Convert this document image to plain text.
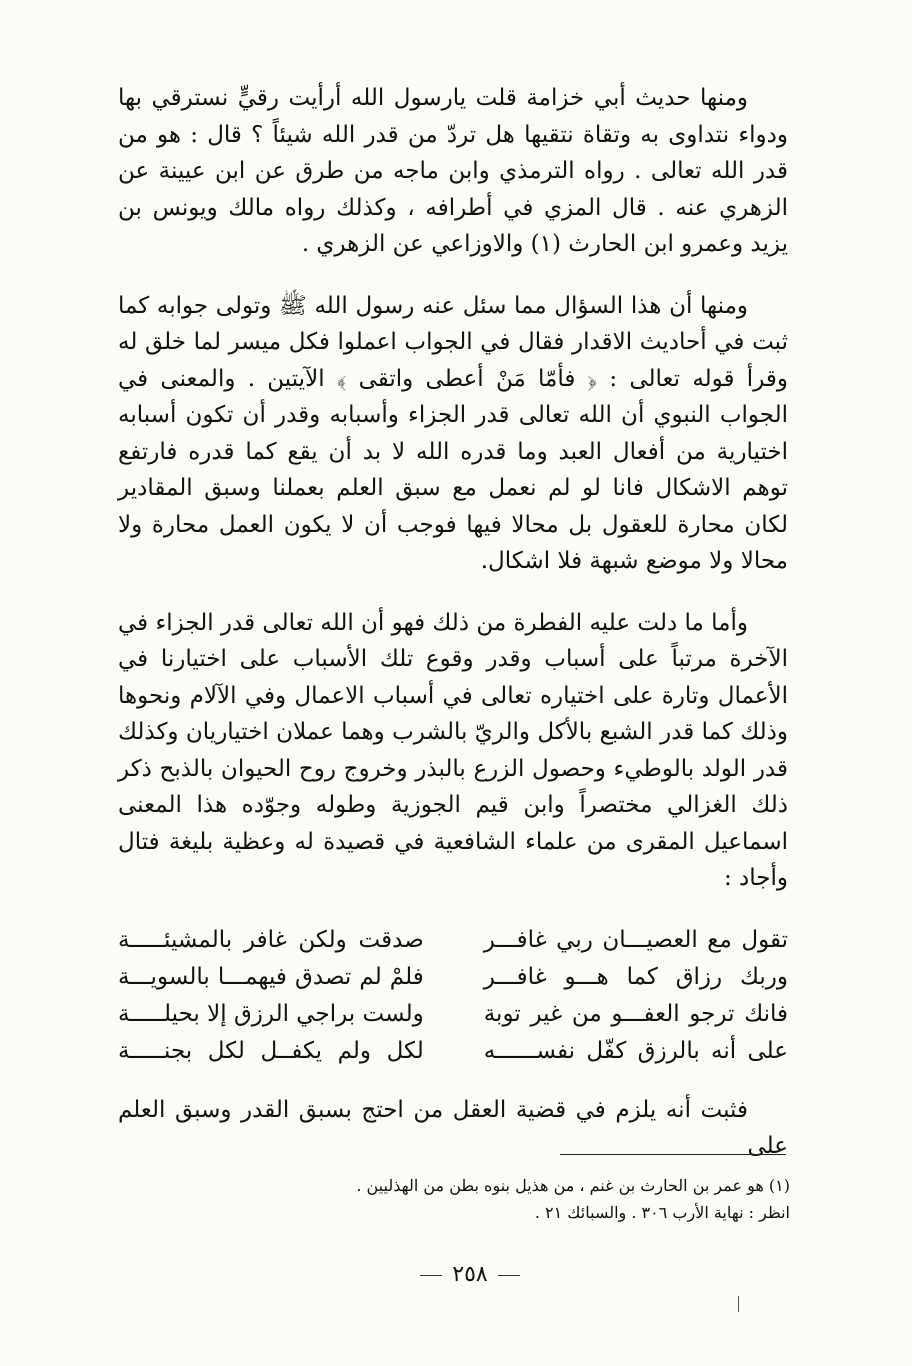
ومنها حديث أبي خزامة قلت يارسول الله أرأيت رقيٍّ نسترقي بها ودواء نتداوى به وتقاة نتقيها هل تردّ من قدر الله شيئاً ؟ قال : هو من قدر الله تعالى . رواه الترمذي وابن ماجه من طرق عن ابن عيينة عن الزهري عنه . قال المزي في أطرافه ، وكذلك رواه مالك ويونس بن يزيد وعمرو ابن الحارث (١) والاوزاعي عن الزهري .

ومنها أن هذا السؤال مما سئل عنه رسول الله ﷺ وتولى جوابه كما ثبت في أحاديث الاقدار فقال في الجواب اعملوا فكل ميسر لما خلق له وقرأ قوله تعالى : ﴿ فأمّا مَنْ أعطى واتقى ﴾ الآيتين . والمعنى في الجواب النبوي أن الله تعالى قدر الجزاء وأسبابه وقدر أن تكون أسبابه اختيارية من أفعال العبد وما قدره الله لا بد أن يقع كما قدره فارتفع توهم الاشكال فانا لو لم نعمل مع سبق العلم بعملنا وسبق المقادير لكان محارة للعقول بل محالا فيها فوجب أن لا يكون العمل محارة ولا محالا ولا موضع شبهة فلا اشكال.

وأما ما دلت عليه الفطرة من ذلك فهو أن الله تعالى قدر الجزاء في الآخرة مرتباً على أسباب وقدر وقوع تلك الأسباب على اختيارنا في الأعمال وتارة على اختياره تعالى في أسباب الاعمال وفي الآلام ونحوها وذلك كما قدر الشبع بالأكل والريّ بالشرب وهما عملان اختياريان وكذلك قدر الولد بالوطيء وحصول الزرع بالبذر وخروج روح الحيوان بالذبح ذكر ذلك الغزالي مختصراً وابن قيم الجوزية وطوله وجوّده هذا المعنى اسماعيل المقرى من علماء الشافعية في قصيدة له وعظية بليغة فتال وأجاد :

تقول مع العصيـــان ربي غافـــر
صدقت ولكن غافر بالمشيئـــــة
وربك رزاق كما هـــو غافـــر
فلمْ لم تصدق فيهمـــا بالسويـــة
فانك ترجو العفـــو من غير توبة
ولست براجي الرزق إلا بحيلـــــة
على أنه بالرزق كفّل نفســــــه
لكل ولم يكفــل لكل بجنـــــة

فثبت أنه يلزم في قضية العقل من احتج بسبق القدر وسبق العلم على

(١) هو عمر بن الحارث بن غنم ، من هذيل بنوه بطن من الهذليين .
انظر : نهاية الأرب ٣٠٦ . والسبائك ٢١ .
٢٥٨
